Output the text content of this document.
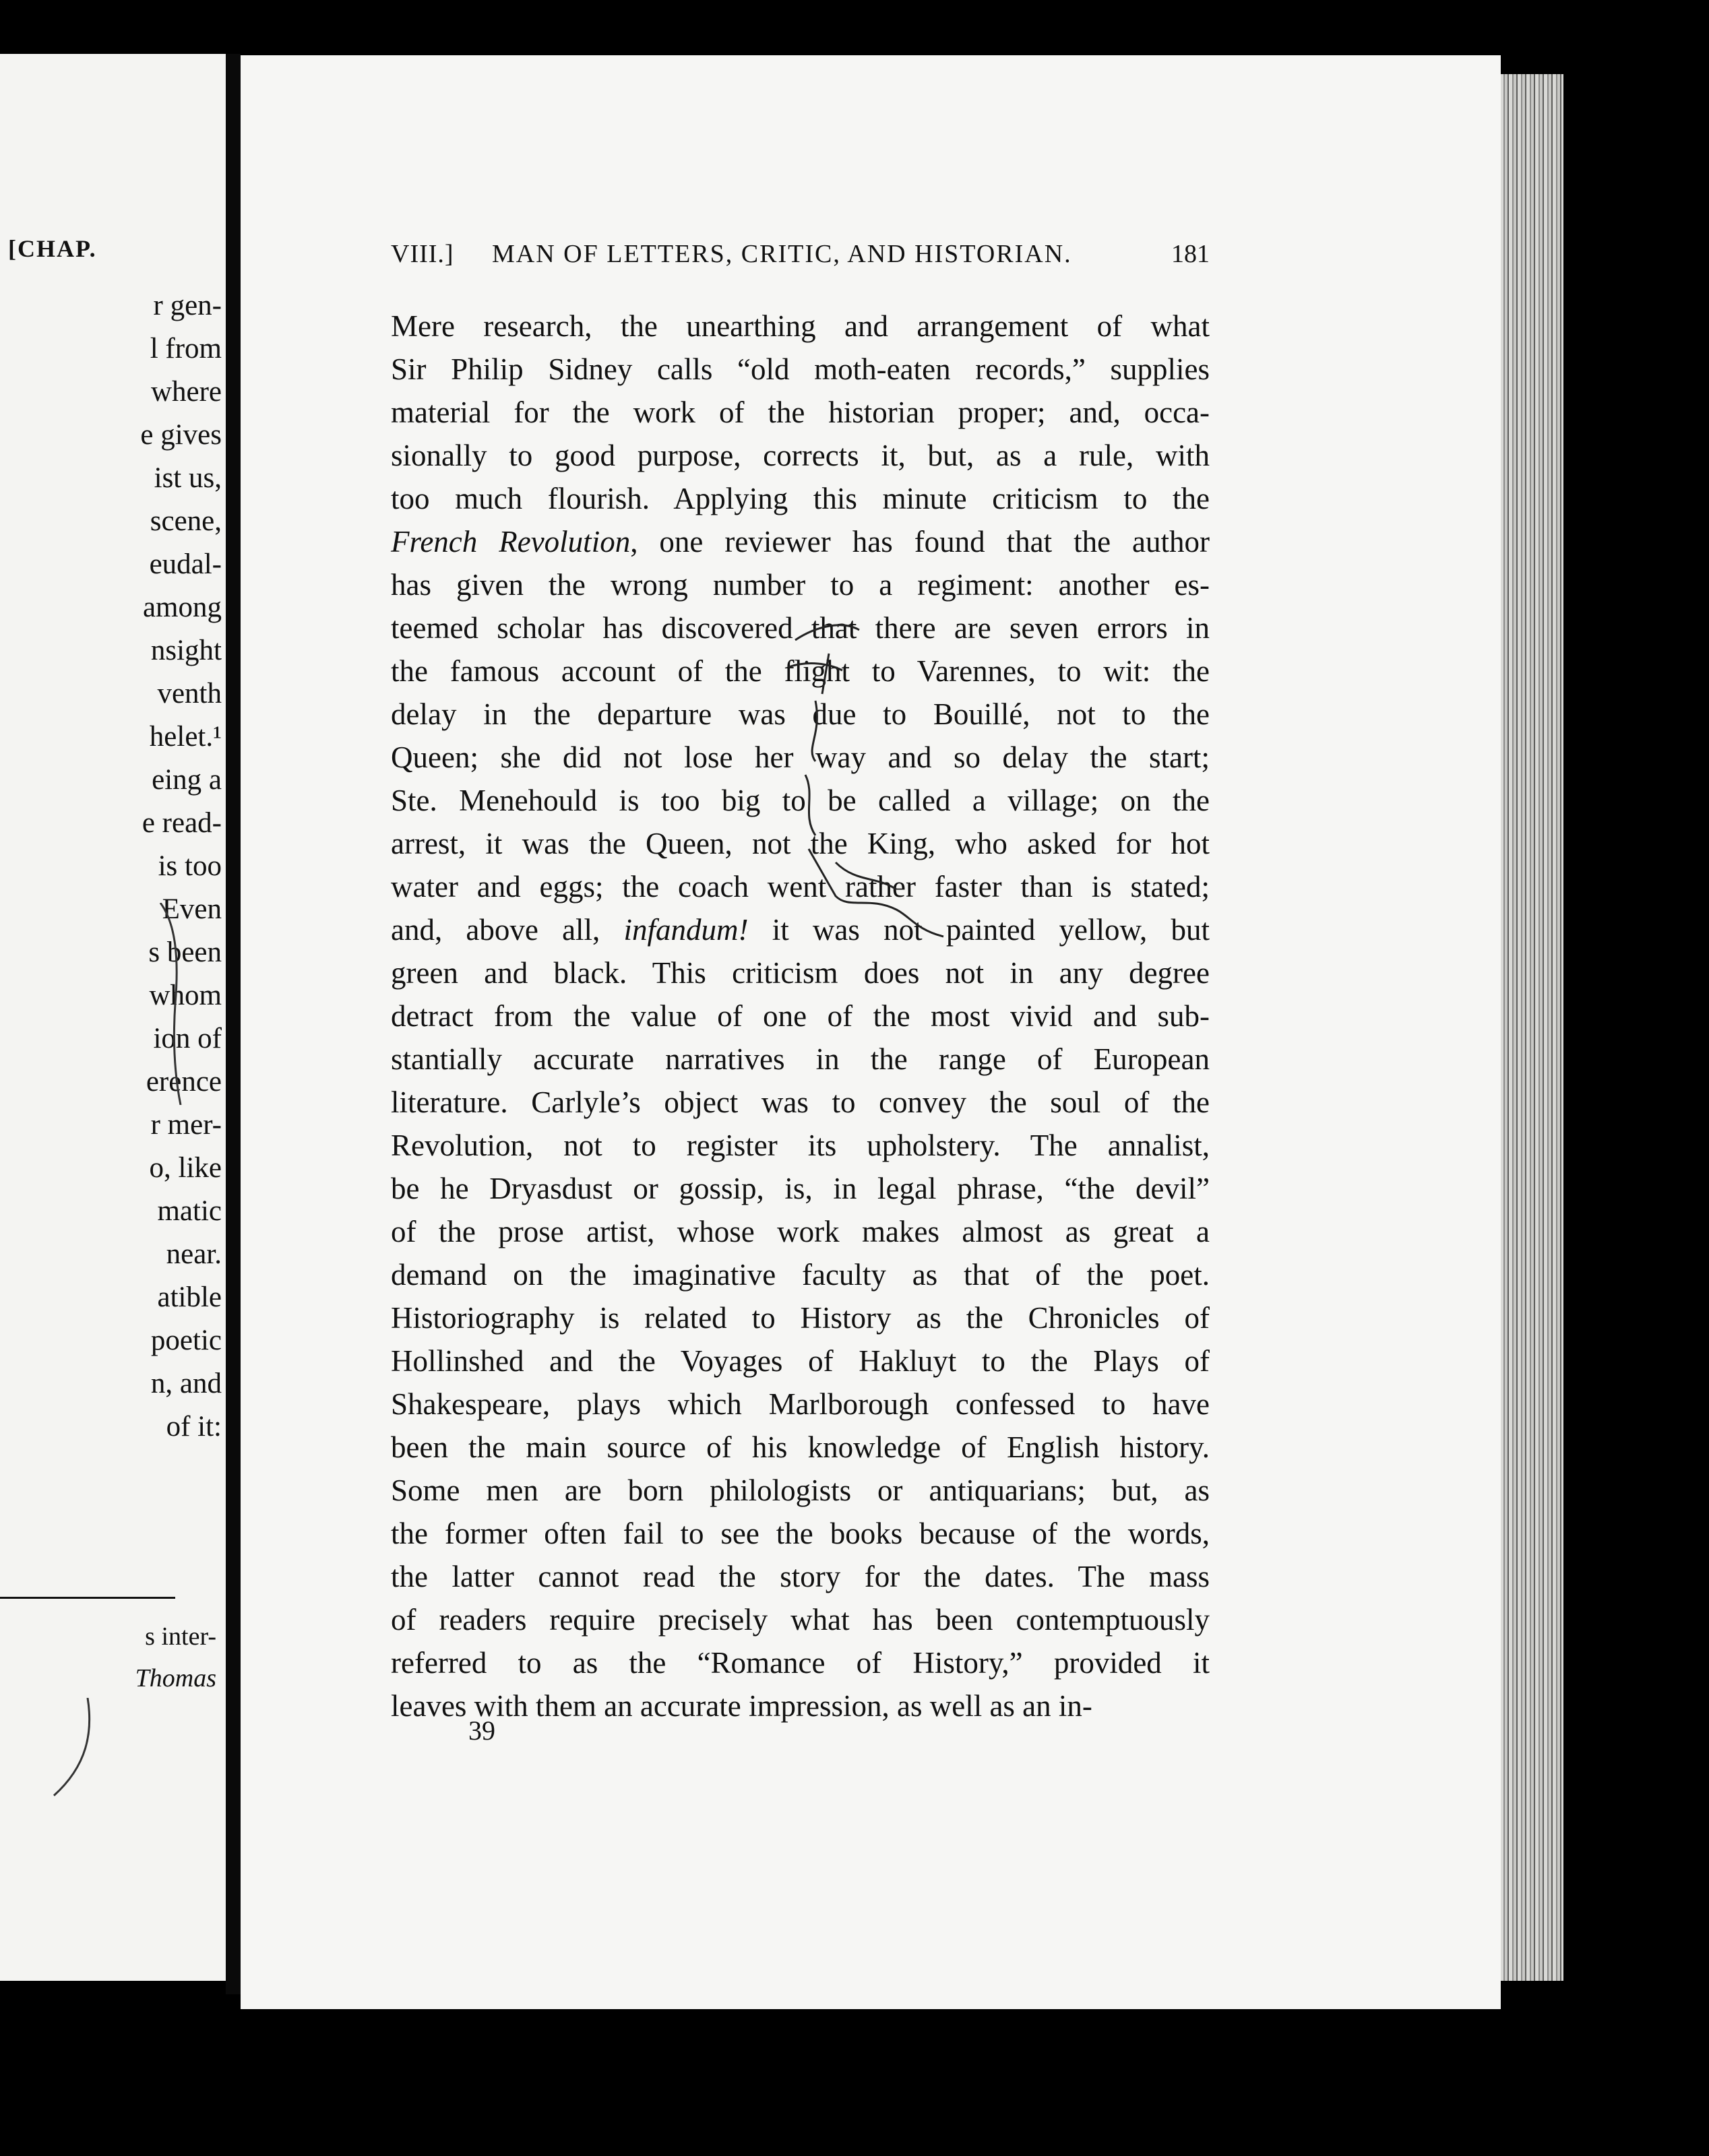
[CHAP.
r gen-
l from
where
e gives
ist us,
scene,
eudal-
among
nsight
venth
helet.¹
eing a
e read-
is too
Even
s been
whom
ion of
erence
r mer-
o, like
matic
near.
atible
poetic
n, and
of it:
s inter-
Thomas
VIII.] MAN OF LETTERS, CRITIC, AND HISTORIAN.	181
Mere research, the unearthing and arrangement of what
Sir Philip Sidney calls “old moth-eaten records,” supplies
material for the work of the historian proper; and, occa-
sionally to good purpose, corrects it, but, as a rule, with
too much flourish. Applying this minute criticism to the
French Revolution, one reviewer has found that the author
has given the wrong number to a regiment: another es-
teemed scholar has discovered that there are seven errors in
the famous account of the flight to Varennes, to wit: the
delay in the departure was due to Bouillé, not to the
Queen; she did not lose her way and so delay the start;
Ste. Menehould is too big to be called a village; on the
arrest, it was the Queen, not the King, who asked for hot
water and eggs; the coach went rather faster than is stated;
and, above all, infandum! it was not painted yellow, but
green and black. This criticism does not in any degree
detract from the value of one of the most vivid and sub-
stantially accurate narratives in the range of European
literature. Carlyle’s object was to convey the soul of the
Revolution, not to register its upholstery. The annalist,
be he Dryasdust or gossip, is, in legal phrase, “the devil”
of the prose artist, whose work makes almost as great a
demand on the imaginative faculty as that of the poet.
Historiography is related to History as the Chronicles of
Hollinshed and the Voyages of Hakluyt to the Plays of
Shakespeare, plays which Marlborough confessed to have
been the main source of his knowledge of English history.
Some men are born philologists or antiquarians; but, as
the former often fail to see the books because of the words,
the latter cannot read the story for the dates. The mass
of readers require precisely what has been contemptuously
referred to as the “Romance of History,” provided it
leaves with them an accurate impression, as well as an in-
39
